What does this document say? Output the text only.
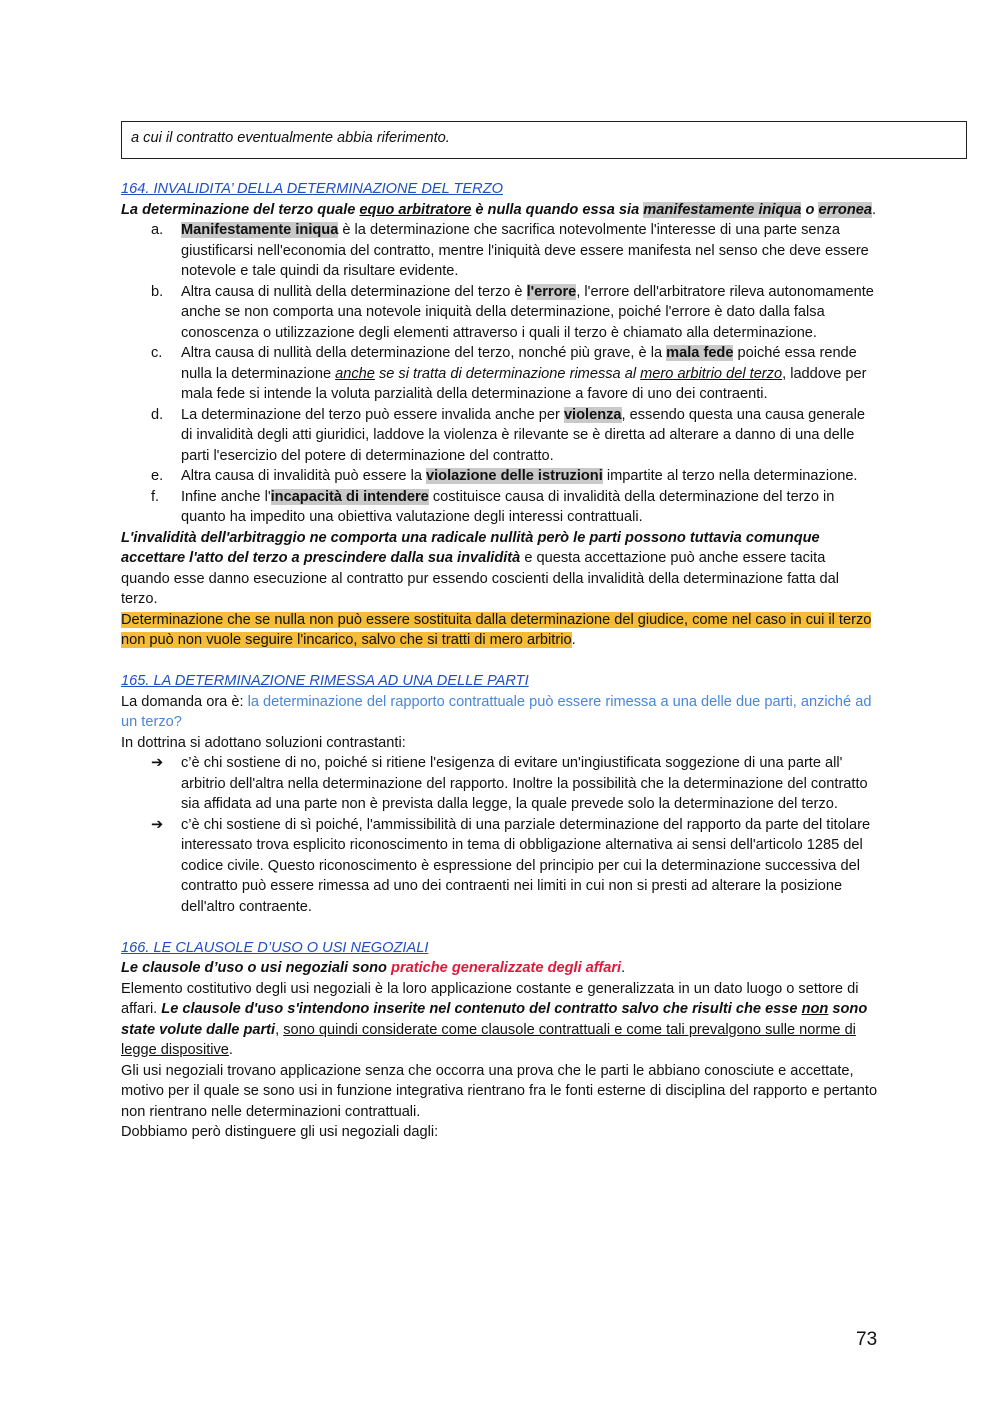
a cui il contratto eventualmente abbia riferimento.

164. INVALIDITA’ DELLA DETERMINAZIONE DEL TERZO

La determinazione del terzo quale equo arbitratore è nulla quando essa sia manifestamente iniqua o erronea.

a.	Manifestamente iniqua è la determinazione che sacrifica notevolmente l'interesse di una parte senza giustificarsi nell'economia del contratto, mentre l'iniquità deve essere manifesta nel senso che deve essere notevole e tale quindi da risultare evidente.
b.	Altra causa di nullità della determinazione del terzo è l'errore, l'errore dell'arbitratore rileva autonomamente anche se non comporta una notevole iniquità della determinazione, poiché l'errore è dato dalla falsa conoscenza o utilizzazione degli elementi attraverso i quali il terzo è chiamato alla determinazione.
c.	Altra causa di nullità della determinazione del terzo, nonché più grave, è la mala fede poiché essa rende nulla la determinazione anche se si tratta di determinazione rimessa al mero arbitrio del terzo, laddove per mala fede si intende la voluta parzialità della determinazione a favore di uno dei contraenti.
d.	La determinazione del terzo può essere invalida anche per violenza, essendo questa una causa generale di invalidità degli atti giuridici, laddove la violenza è rilevante se è diretta ad alterare a danno di una delle parti l'esercizio del potere di determinazione del contratto.
e.	Altra causa di invalidità può essere la violazione delle istruzioni impartite al terzo nella determinazione.
f.	Infine anche l'incapacità di intendere costituisce causa di invalidità della determinazione del terzo in quanto ha impedito una obiettiva valutazione degli interessi contrattuali.

L'invalidità dell'arbitraggio ne comporta una radicale nullità però le parti possono tuttavia comunque accettare l'atto del terzo a prescindere dalla sua invalidità e questa accettazione può anche essere tacita quando esse danno esecuzione al contratto pur essendo coscienti della invalidità della determinazione fatta dal terzo.

Determinazione che se nulla non può essere sostituita dalla determinazione del giudice, come nel caso in cui il terzo non può non vuole seguire l'incarico, salvo che si tratti di mero arbitrio.

165. LA DETERMINAZIONE RIMESSA AD UNA DELLE PARTI

La domanda ora è: la determinazione del rapporto contrattuale può essere rimessa a una delle due parti, anziché ad un terzo?

In dottrina si adottano soluzioni contrastanti:

➔	c’è chi sostiene di no, poiché si ritiene l'esigenza di evitare un'ingiustificata soggezione di una parte all' arbitrio dell'altra nella determinazione del rapporto. Inoltre la possibilità che la determinazione del contratto sia affidata ad una parte non è prevista dalla legge, la quale prevede solo la determinazione del terzo.
➔	c’è chi sostiene di sì poiché, l'ammissibilità di una parziale determinazione del rapporto da parte del titolare interessato trova esplicito riconoscimento in tema di obbligazione alternativa ai sensi dell'articolo 1285 del codice civile. Questo riconoscimento è espressione del principio per cui la determinazione successiva del contratto può essere rimessa ad uno dei contraenti nei limiti in cui non si presti ad alterare la posizione dell'altro contraente.

166. LE CLAUSOLE D’USO O USI NEGOZIALI

Le clausole d’uso o usi negoziali sono pratiche generalizzate degli affari.

Elemento costitutivo degli usi negoziali è la loro applicazione costante e generalizzata in un dato luogo o settore di affari. Le clausole d'uso s'intendono inserite nel contenuto del contratto salvo che risulti che esse non sono state volute dalle parti, sono quindi considerate come clausole contrattuali e come tali prevalgono sulle norme di legge dispositive.

Gli usi negoziali trovano applicazione senza che occorra una prova che le parti le abbiano conosciute e accettate, motivo per il quale se sono usi in funzione integrativa rientrano fra le fonti esterne di disciplina del rapporto e pertanto non rientrano nelle determinazioni contrattuali.

Dobbiamo però distinguere gli usi negoziali dagli:

73
